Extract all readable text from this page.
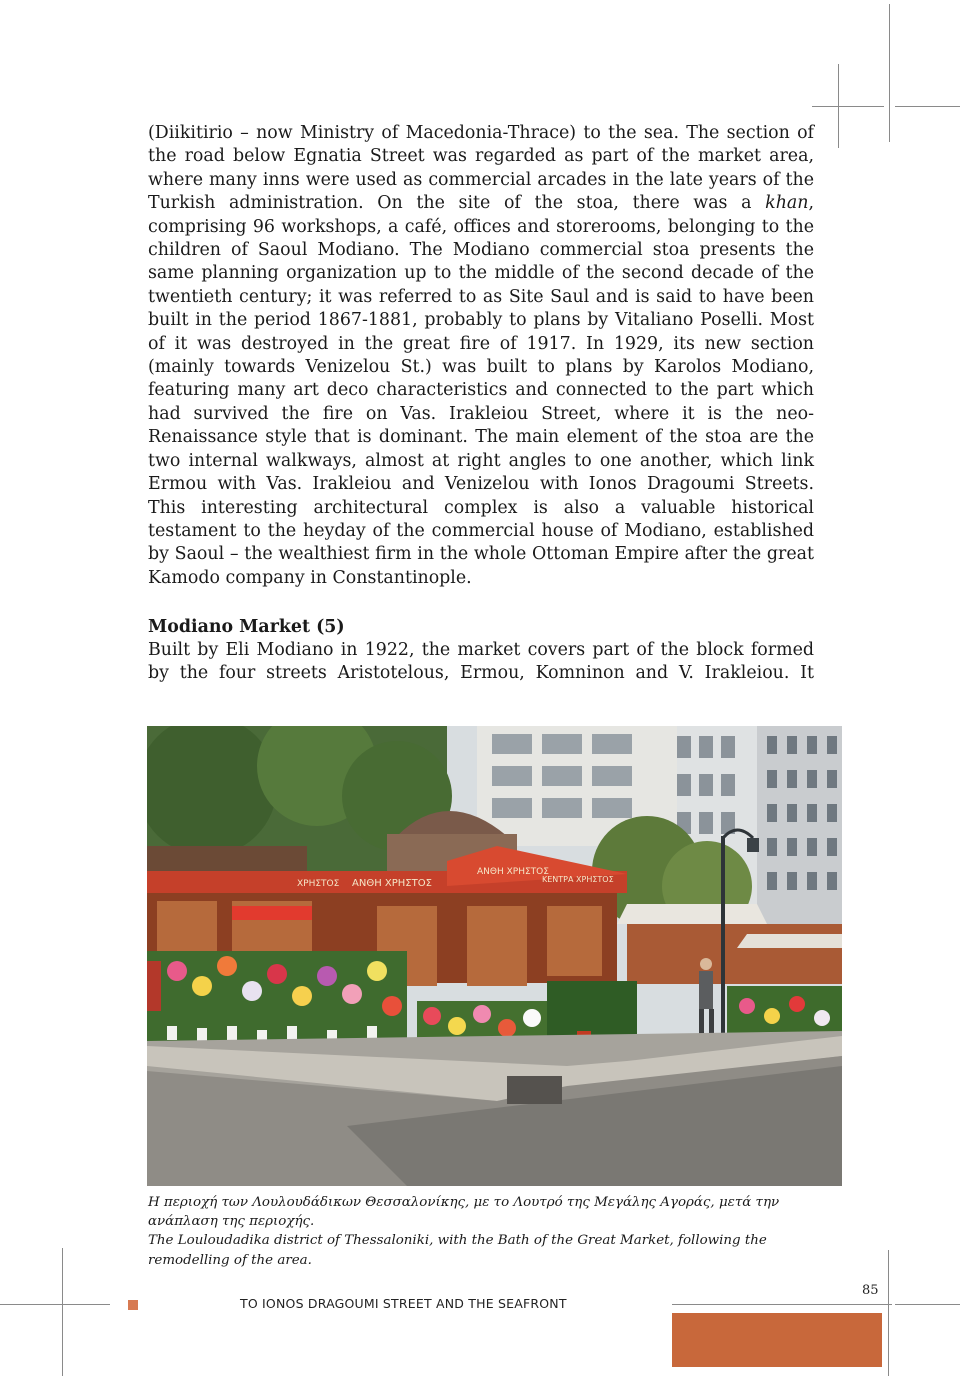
(Diikitirio – now Ministry of Macedonia-Thrace) to the sea. The section of the road below Egnatia Street was regarded as part of the market area, where many inns were used as commercial arcades in the late years of the Turkish administration. On the site of the stoa, there was a khan, comprising 96 workshops, a café, offices and storerooms, belonging to the children of Saoul Modiano. The Modiano commercial stoa presents the same planning organization up to the middle of the second decade of the twentieth century; it was referred to as Site Saul and is said to have been built in the period 1867-1881, probably to plans by Vitaliano Poselli. Most of it was destroyed in the great fire of 1917. In 1929, its new section (mainly towards Venizelou St.) was built to plans by Karolos Modiano, featuring many art deco characteristics and connected to the part which had survived the fire on Vas. Irakleiou Street, where it is the neo-Renaissance style that is dominant. The main element of the stoa are the two internal walkways, almost at right angles to one another, which link Ermou with Vas. Irakleiou and Venizelou with Ionos Dragoumi Streets. This interesting architectural complex is also a valuable historical testament to the heyday of the commercial house of Modiano, established by Saoul – the wealthiest firm in the whole Ottoman Empire after the great Kamodo company in Constantinople.

Modiano Market (5)
Built by Eli Modiano in 1922, the market covers part of the block formed by the four streets Aristotelous, Ermou, Komninon and V. Irakleiou. It
ΧΡΗΣΤΟΣ ΑΝΘΗ ΧΡΗΣΤΟΣ
ΑΝΘΗ ΧΡΗΣΤΟΣ
ΚΕΝΤΡΑ ΧΡΗΣΤΟΣ
Η περιοχή των Λουλουδάδικων Θεσσαλονίκης, με το Λουτρό της Μεγάλης Αγοράς, μετά την ανάπλαση της περιοχής.
The Louloudadika district of Thessaloniki, with the Bath of the Great Market, following the remodelling of the area.
TO IONOS DRAGOUMI STREET AND THE SEAFRONT
85
